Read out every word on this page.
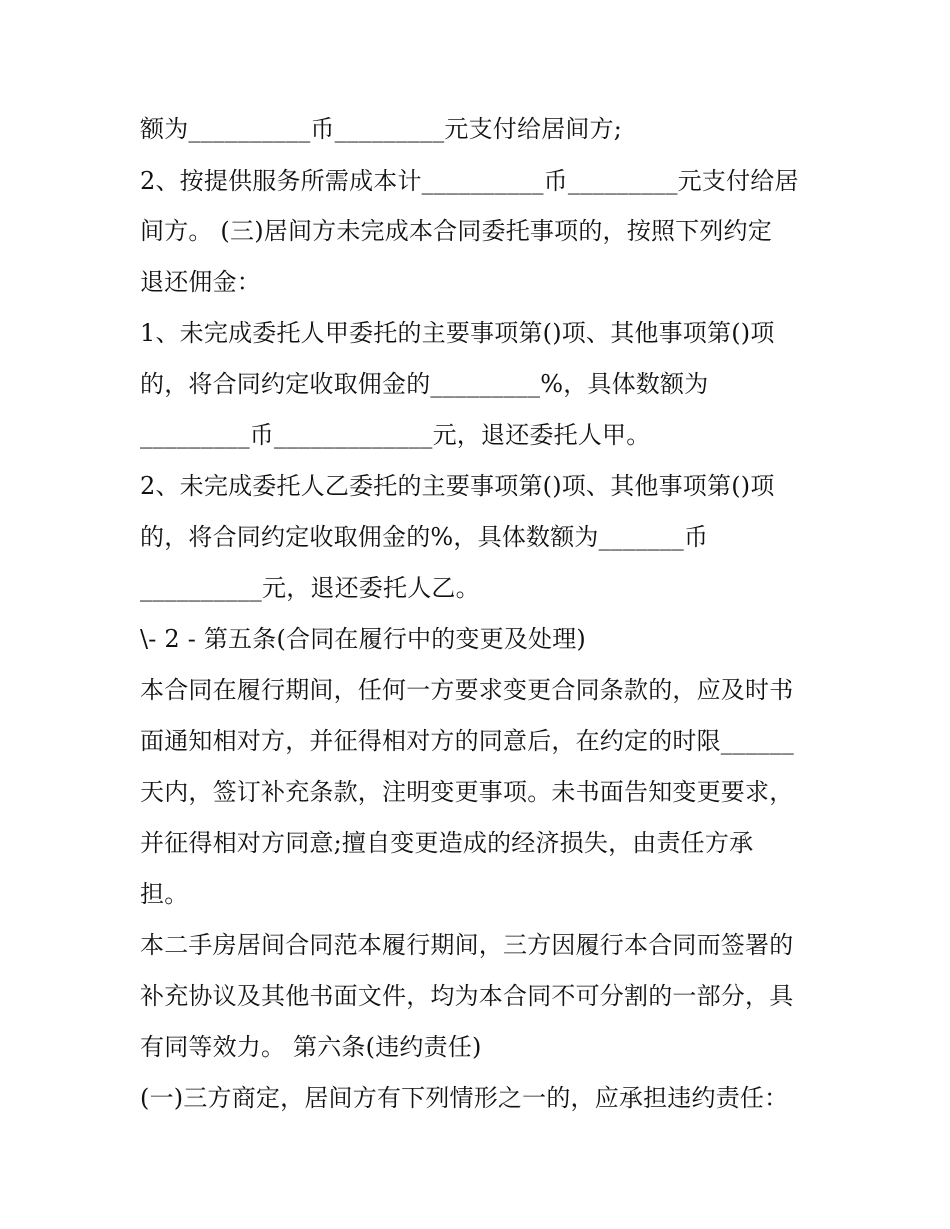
额为__________币_________元支付给居间方;
2、按提供服务所需成本计__________币_________元支付给居
间方。 (三)居间方未完成本合同委托事项的，按照下列约定
退还佣金：
1、未完成委托人甲委托的主要事项第()项、其他事项第()项
的，将合同约定收取佣金的_________%，具体数额为
_________币_____________元，退还委托人甲。
2、未完成委托人乙委托的主要事项第()项、其他事项第()项
的，将合同约定收取佣金的%，具体数额为_______币
__________元，退还委托人乙。
\- 2 - 第五条(合同在履行中的变更及处理)
本合同在履行期间，任何一方要求变更合同条款的，应及时书
面通知相对方，并征得相对方的同意后，在约定的时限______
天内，签订补充条款，注明变更事项。未书面告知变更要求，
并征得相对方同意;擅自变更造成的经济损失，由责任方承
担。
本二手房居间合同范本履行期间，三方因履行本合同而签署的
补充协议及其他书面文件，均为本合同不可分割的一部分，具
有同等效力。 第六条(违约责任)
(一)三方商定，居间方有下列情形之一的，应承担违约责任：
